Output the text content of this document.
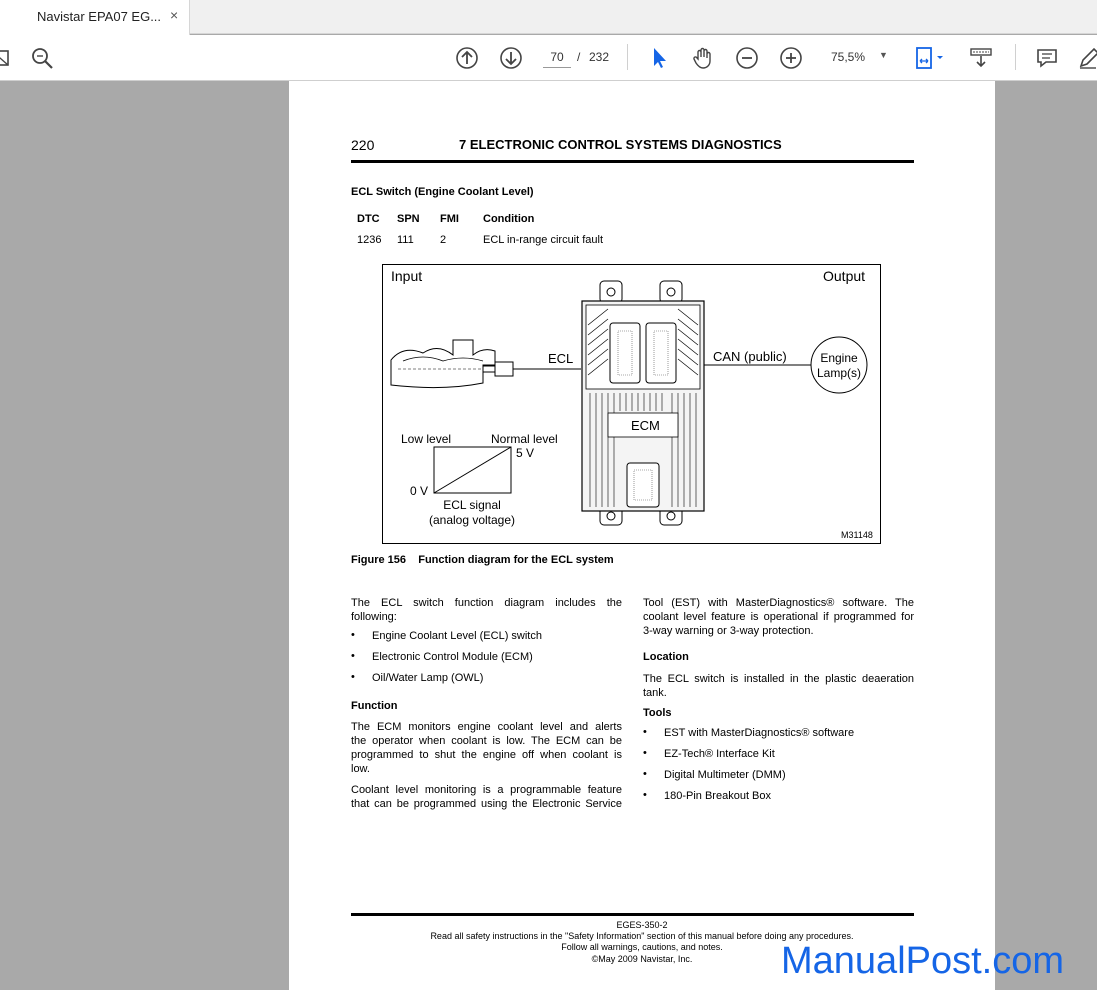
Navistar EPA07 EG... ×
70
/ 232	75,5% ▼
220	7 ELECTRONIC CONTROL SYSTEMS DIAGNOSTICS
ECL Switch (Engine Coolant Level)
DTC SPN FMI Condition
1236 111 2	ECL in-range circuit fault
Input	Output
ECL
ECM
CAN (public)	Engine
Lamp(s)
Low level	Normal level
5 V
0 V
ECL signal
(analog voltage)
M31148
Figure 156    Function diagram for the ECL system
The ECL switch function diagram includes the
following:
• Engine Coolant Level (ECL) switch
• Electronic Control Module (ECM)
• Oil/Water Lamp (OWL)
Function
The ECM monitors engine coolant level and alerts
the operator when coolant is low. The ECM can be
programmed to shut the engine off when coolant is
low.
Coolant level monitoring is a programmable feature
that can be programmed using the Electronic Service
Tool (EST) with MasterDiagnostics® software. The
coolant level feature is operational if programmed for
3-way warning or 3-way protection.
Location
The ECL switch is installed in the plastic deaeration
tank.
Tools
• EST with MasterDiagnostics® software
• EZ-Tech® Interface Kit
• Digital Multimeter (DMM)
• 180-Pin Breakout Box
EGES-350-2
Read all safety instructions in the "Safety Information" section of this manual before doing any procedures.
Follow all warnings, cautions, and notes.
©May 2009 Navistar, Inc.	ManualPost.com
